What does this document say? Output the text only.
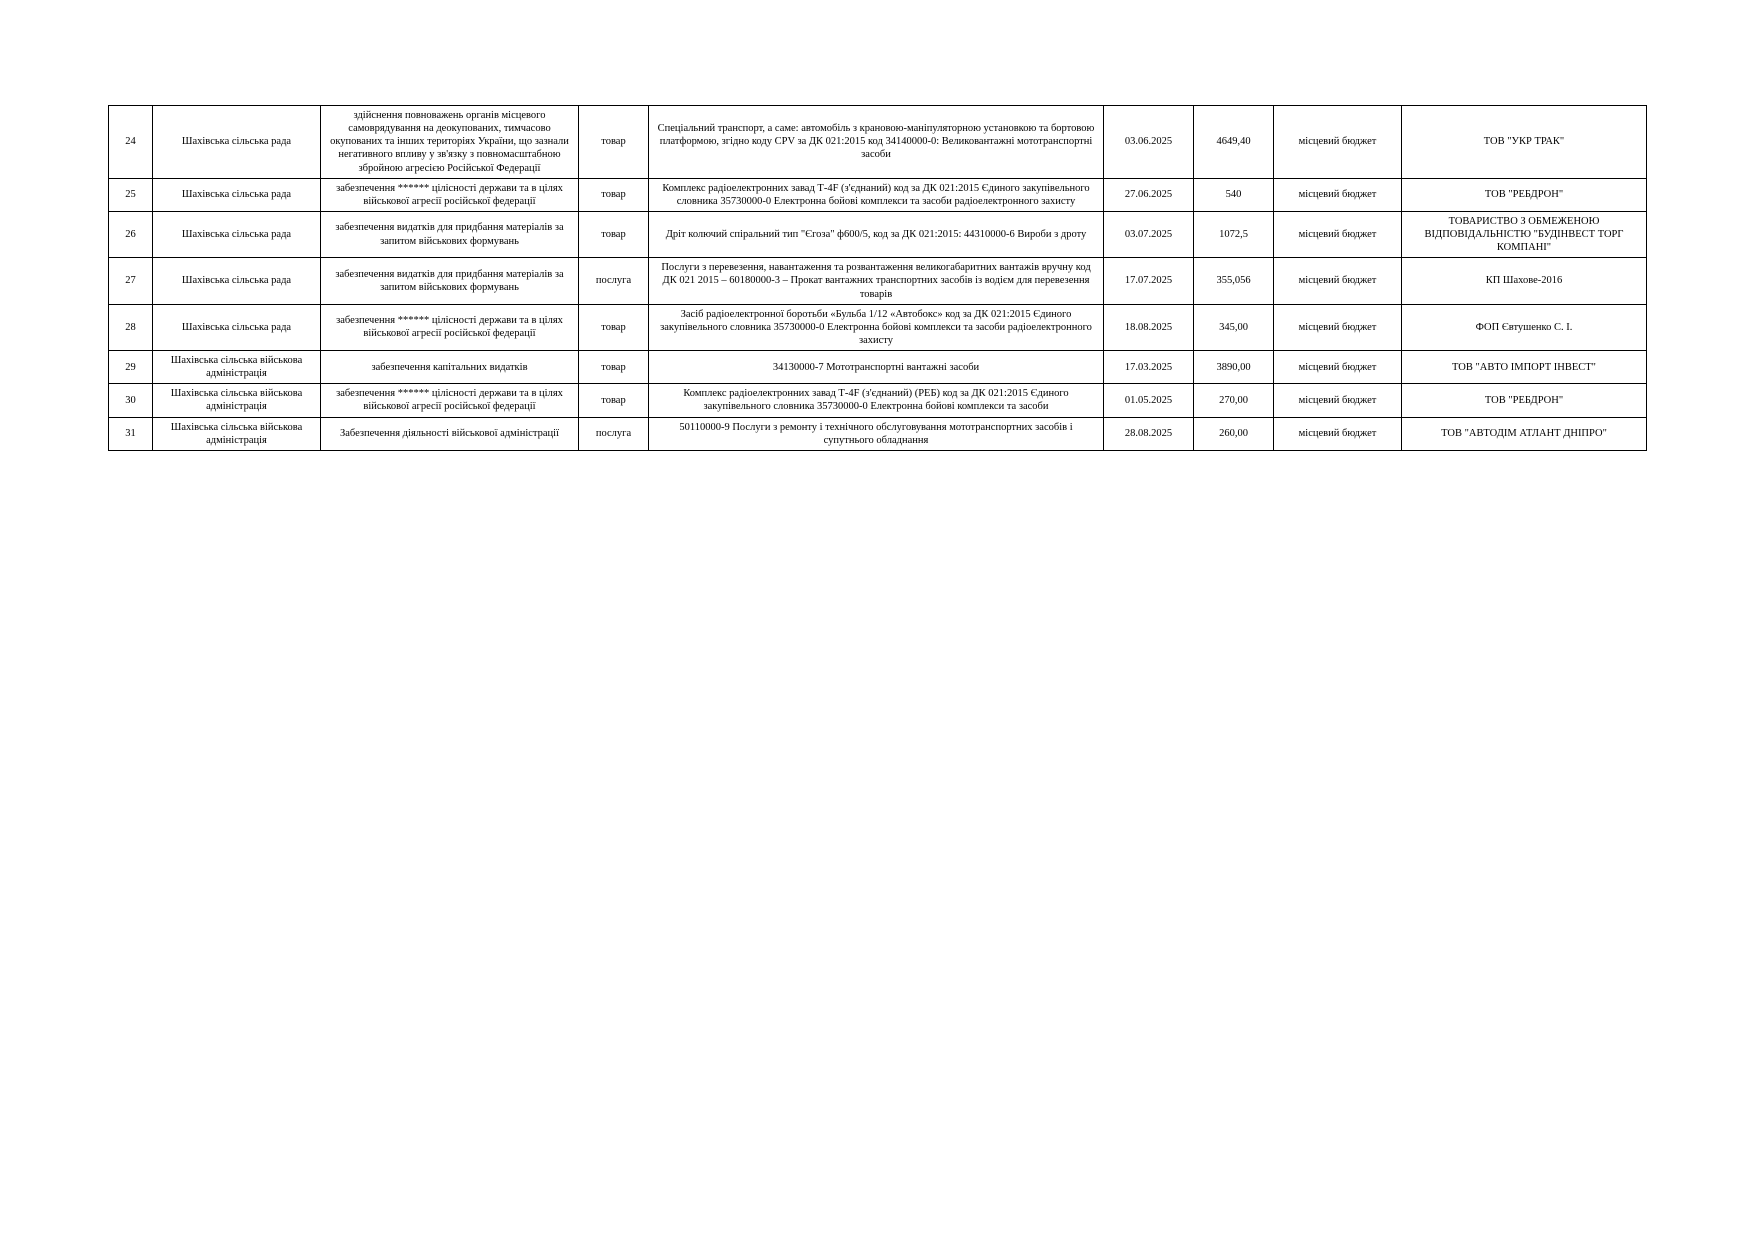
24	Шахівська сільська рада	здійснення повноважень органів місцевого самоврядування на деокупованих, тимчасово окупованих та інших територіях України, що зазнали негативного впливу у зв'язку з повномасштабною збройною агресією Російської Федерації	товар	Спеціальний транспорт, а саме: автомобіль з крановою-маніпуляторною установкою та бортовою платформою, згідно коду CPV за ДК 021:2015 код 34140000-0: Великовантажні мототранспортні засоби	03.06.2025	4649,40	місцевий бюджет	ТОВ "УКР ТРАК"
25	Шахівська сільська рада	забезпечення ****** цілісності держави та в цілях військової агресії російської федерації	товар	Комплекс радіоелектронних завад Т-4F (з'єднаний) код за ДК 021:2015 Єдиного закупівельного словника 35730000-0 Електронна бойові комплекси та засоби радіоелектронного захисту	27.06.2025	540	місцевий бюджет	ТОВ "РЕБДРОН"
26	Шахівська сільська рада	забезпечення видатків для придбання матеріалів за запитом військових формувань	товар	Дріт колючий спіральний тип "Єгоза" ф600/5, код за ДК 021:2015: 44310000-6 Вироби з дроту	03.07.2025	1072,5	місцевий бюджет	ТОВАРИСТВО З ОБМЕЖЕНОЮ ВІДПОВІДАЛЬНІСТЮ "БУДІНВЕСТ ТОРГ КОМПАНІ"
27	Шахівська сільська рада	забезпечення видатків для придбання матеріалів за запитом військових формувань	послуга	Послуги з перевезення, навантаження та розвантаження великогабаритних вантажів вручну код ДК 021 2015 – 60180000-3 – Прокат вантажних транспортних засобів із водієм для перевезення товарів	17.07.2025	355,056	місцевий бюджет	КП Шахове-2016
28	Шахівська сільська рада	забезпечення ****** цілісності держави та в цілях військової агресії російської федерації	товар	Засіб радіоелектронної боротьби «Бульба 1/12 «Автобокс» код за ДК 021:2015 Єдиного закупівельного словника 35730000-0 Електронна бойові комплекси та засоби радіоелектронного захисту	18.08.2025	345,00	місцевий бюджет	ФОП Євтушенко С. І.
29	Шахівська сільська військова адміністрація	забезпечення капітальних видатків	товар	34130000-7 Мототранспортні вантажні засоби	17.03.2025	3890,00	місцевий бюджет	ТОВ "АВТО ІМПОРТ ІНВЕСТ"
30	Шахівська сільська військова адміністрація	забезпечення ****** цілісності держави та в цілях військової агресії російської федерації	товар	Комплекс радіоелектронних завад Т-4F (з'єднаний) (РЕБ) код за ДК 021:2015 Єдиного закупівельного словника 35730000-0 Електронна бойові комплекси та засоби	01.05.2025	270,00	місцевий бюджет	ТОВ "РЕБДРОН"
31	Шахівська сільська військова адміністрація	Забезпечення діяльності військової адміністрації	послуга	50110000-9 Послуги з ремонту і технічного обслуговування мототранспортних засобів і супутнього обладнання	28.08.2025	260,00	місцевий бюджет	ТОВ "АВТОДІМ АТЛАНТ ДНІПРО"
